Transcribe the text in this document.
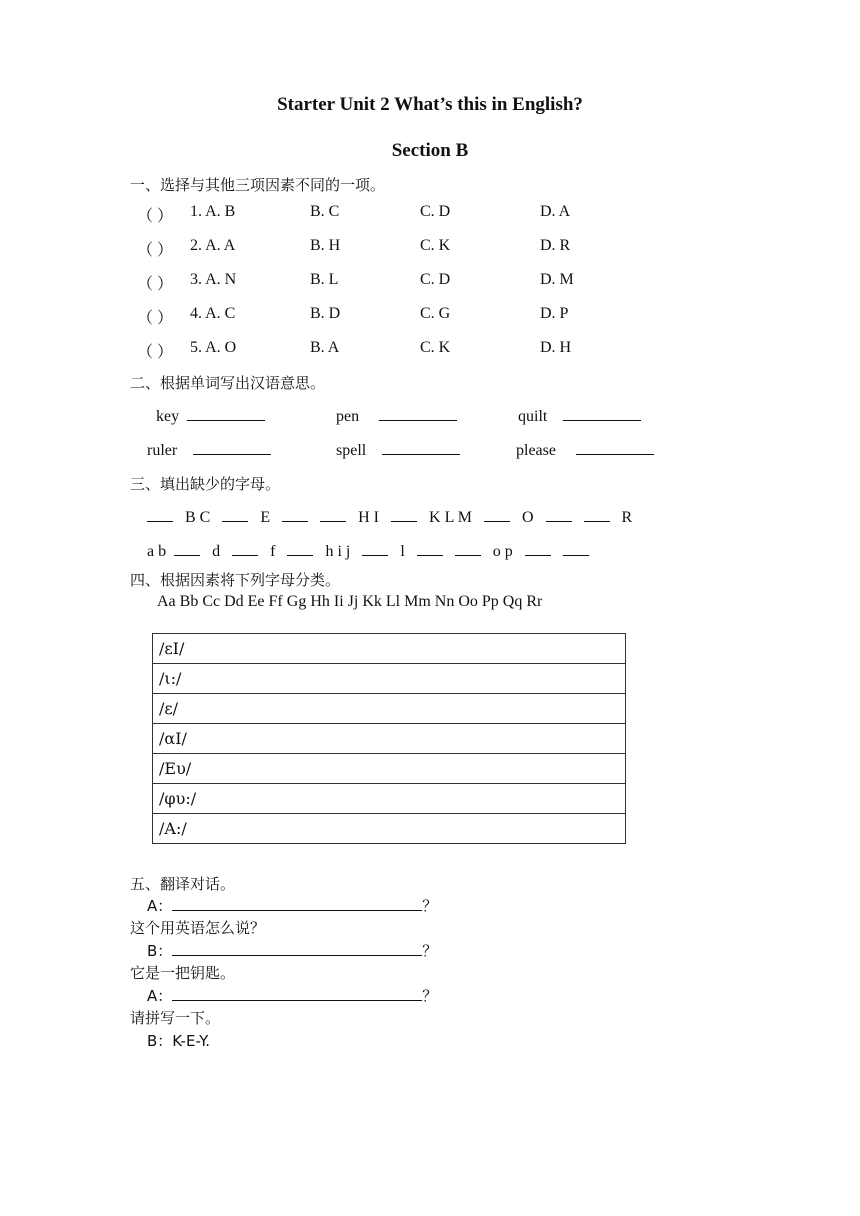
Starter Unit 2 What’s this in English?
Section B
一、选择与其他三项因素不同的一项。
（ ） 1. A. B	B. C	C. D	D. A
（ ） 2. A. A	B. H	C. K	D. R
（ ） 3. A. N	B. L	C. D	D. M
（ ） 4. A. C	B. D	C. G	D. P
（ ） 5. A. O	B. A	C. K	D. H
二、根据单词写出汉语意思。
key	pen	quilt
ruler	spell	please
三、填出缺少的字母。
B C	E	H I	K L M	O	R
a b	d	f	h i j	l	o p
四、根据因素将下列字母分类。
Aa Bb Cc Dd Ee Ff Gg Hh Ii Jj Kk Ll Mm Nn Oo Pp Qq Rr
/εI/
/ι:/
/ε/
/αI/
/Eυ/
/φυ:/
/A:/
五、翻译对话。
A：	？
这个用英语怎么说？
B：	？
它是一把钥匙。
A：	？
请拼写一下。
B：K-E-Y.
